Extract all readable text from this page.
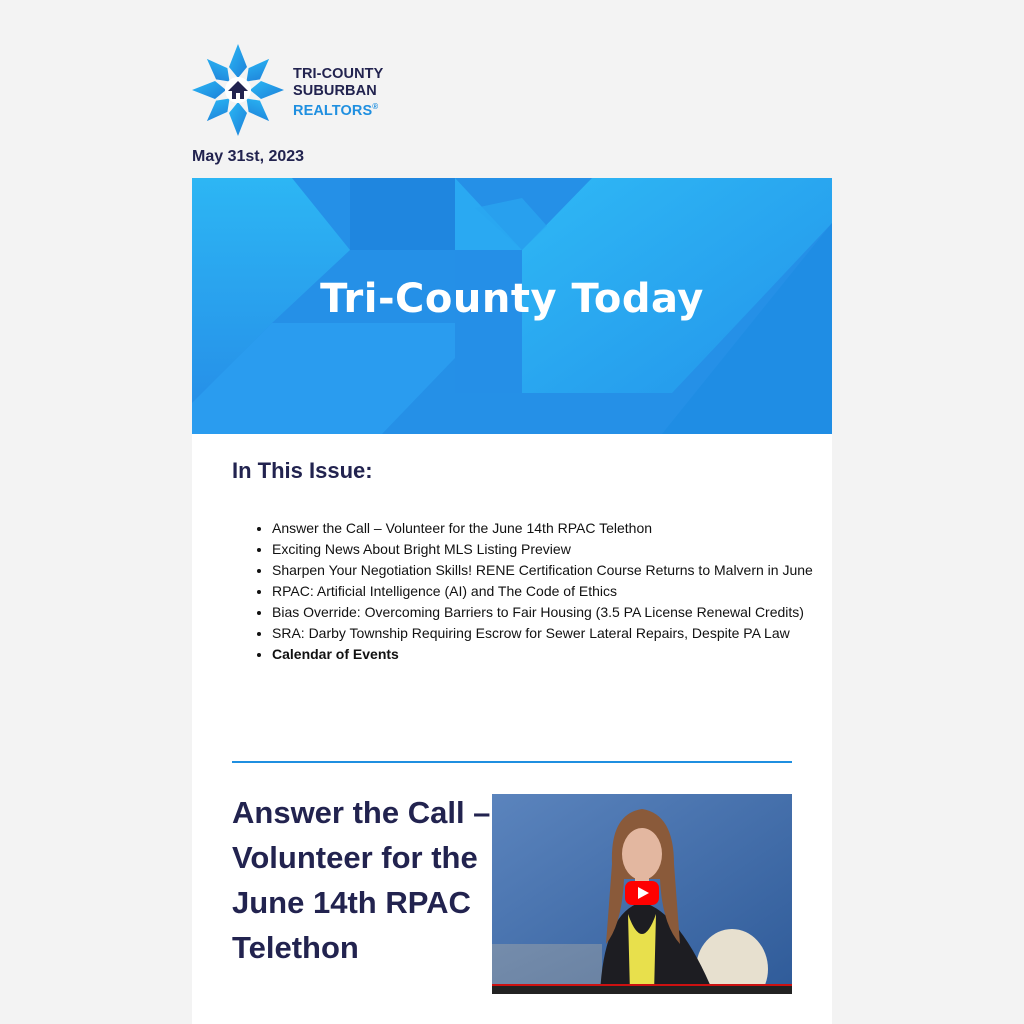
TRI-COUNTY
SUBURBAN
REALTORS®
May 31st, 2023
Tri-County Today
In This Issue:
• Answer the Call – Volunteer for the June 14th RPAC Telethon
• Exciting News About Bright MLS Listing Preview
• Sharpen Your Negotiation Skills! RENE Certification Course Returns to Malvern in June
• RPAC: Artificial Intelligence (AI) and The Code of Ethics
• Bias Override: Overcoming Barriers to Fair Housing (3.5 PA License Renewal Credits)
• SRA: Darby Township Requiring Escrow for Sewer Lateral Repairs, Despite PA Law
• Calendar of Events
Answer the Call – Volunteer for the June 14th RPAC Telethon
